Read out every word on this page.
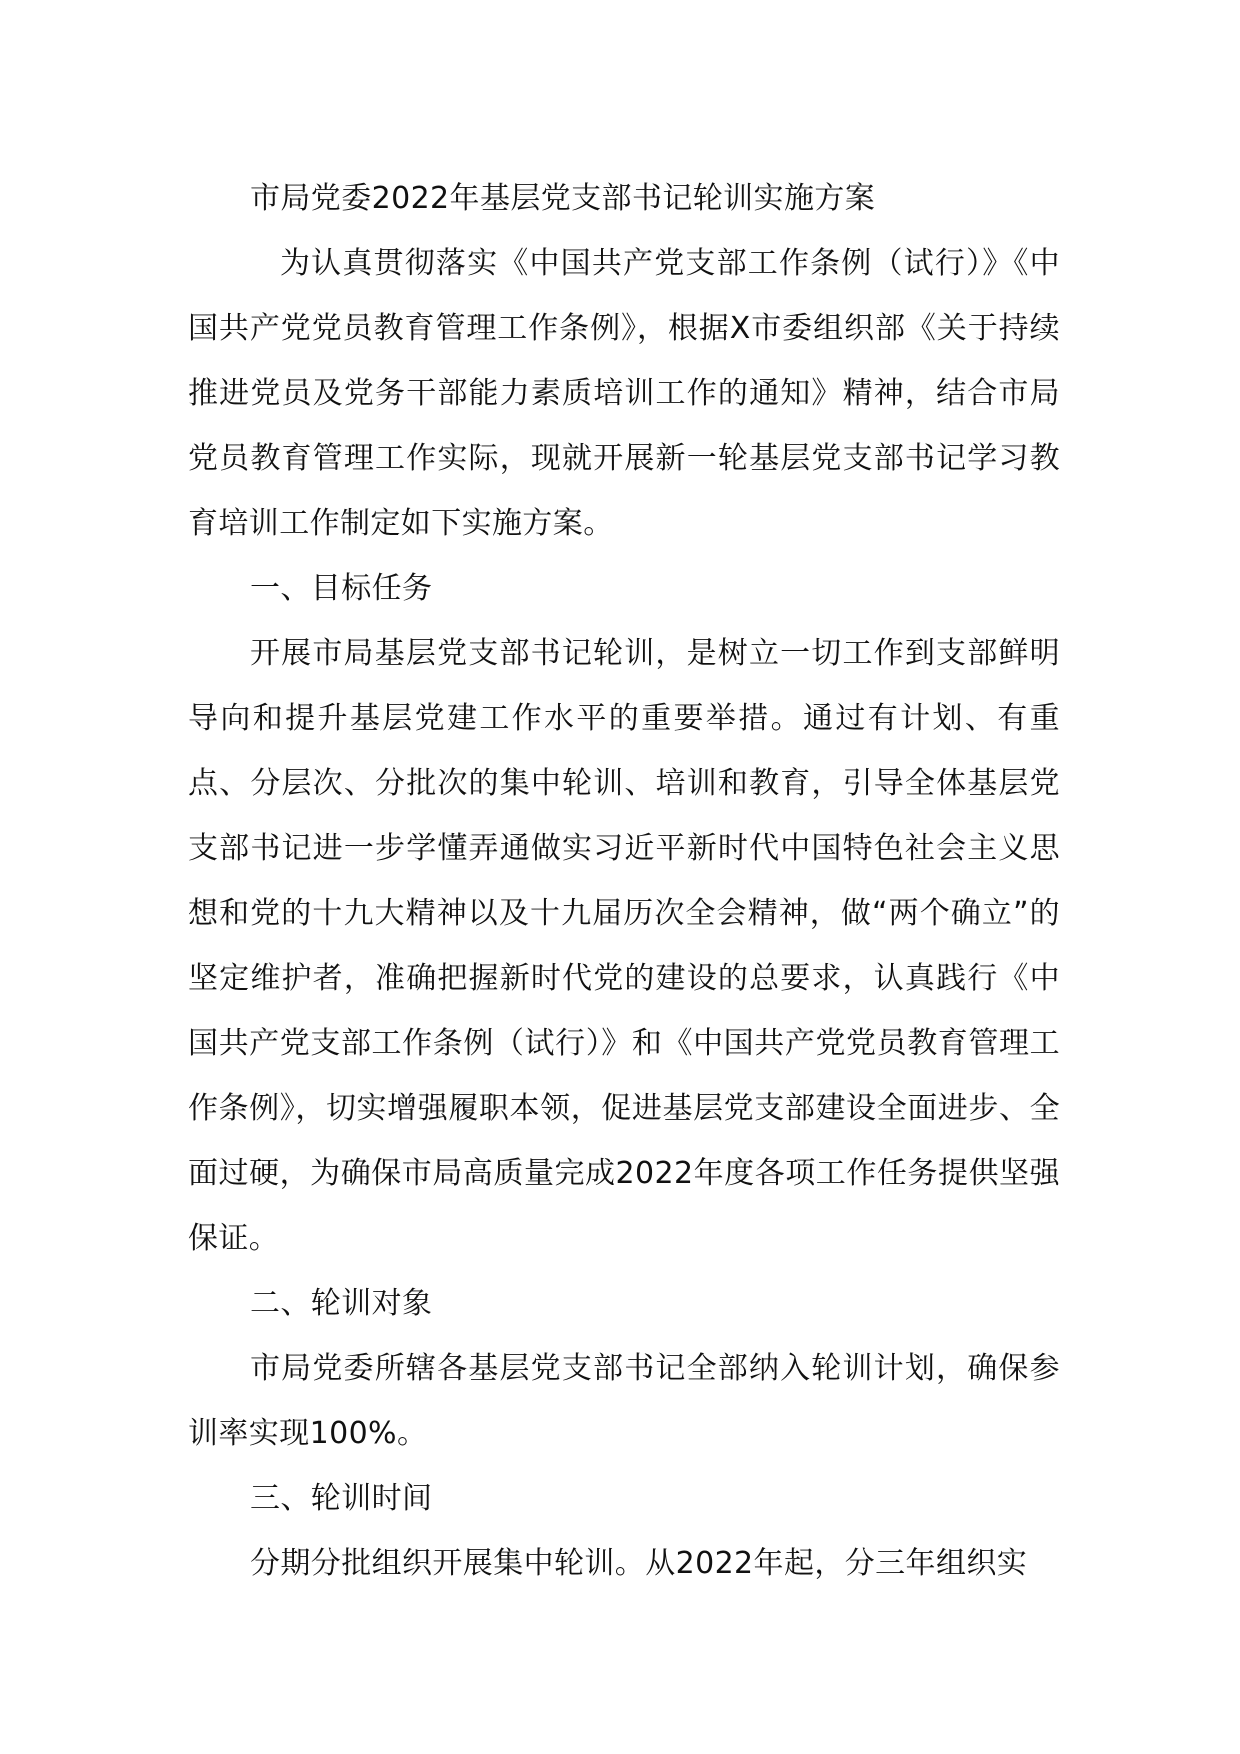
市局党委2022年基层党支部书记轮训实施方案

为认真贯彻落实《中国共产党支部工作条例（试行）》《中国共产党党员教育管理工作条例》，根据X市委组织部《关于持续推进党员及党务干部能力素质培训工作的通知》精神，结合市局党员教育管理工作实际，现就开展新一轮基层党支部书记学习教育培训工作制定如下实施方案。

一、目标任务

开展市局基层党支部书记轮训，是树立一切工作到支部鲜明导向和提升基层党建工作水平的重要举措。通过有计划、有重点、分层次、分批次的集中轮训、培训和教育，引导全体基层党支部书记进一步学懂弄通做实习近平新时代中国特色社会主义思想和党的十九大精神以及十九届历次全会精神，做“两个确立”的坚定维护者，准确把握新时代党的建设的总要求，认真践行《中国共产党支部工作条例（试行）》和《中国共产党党员教育管理工作条例》，切实增强履职本领，促进基层党支部建设全面进步、全面过硬，为确保市局高质量完成2022年度各项工作任务提供坚强保证。

二、轮训对象

市局党委所辖各基层党支部书记全部纳入轮训计划，确保参训率实现100%。

三、轮训时间

分期分批组织开展集中轮训。从2022年起，分三年组织实
